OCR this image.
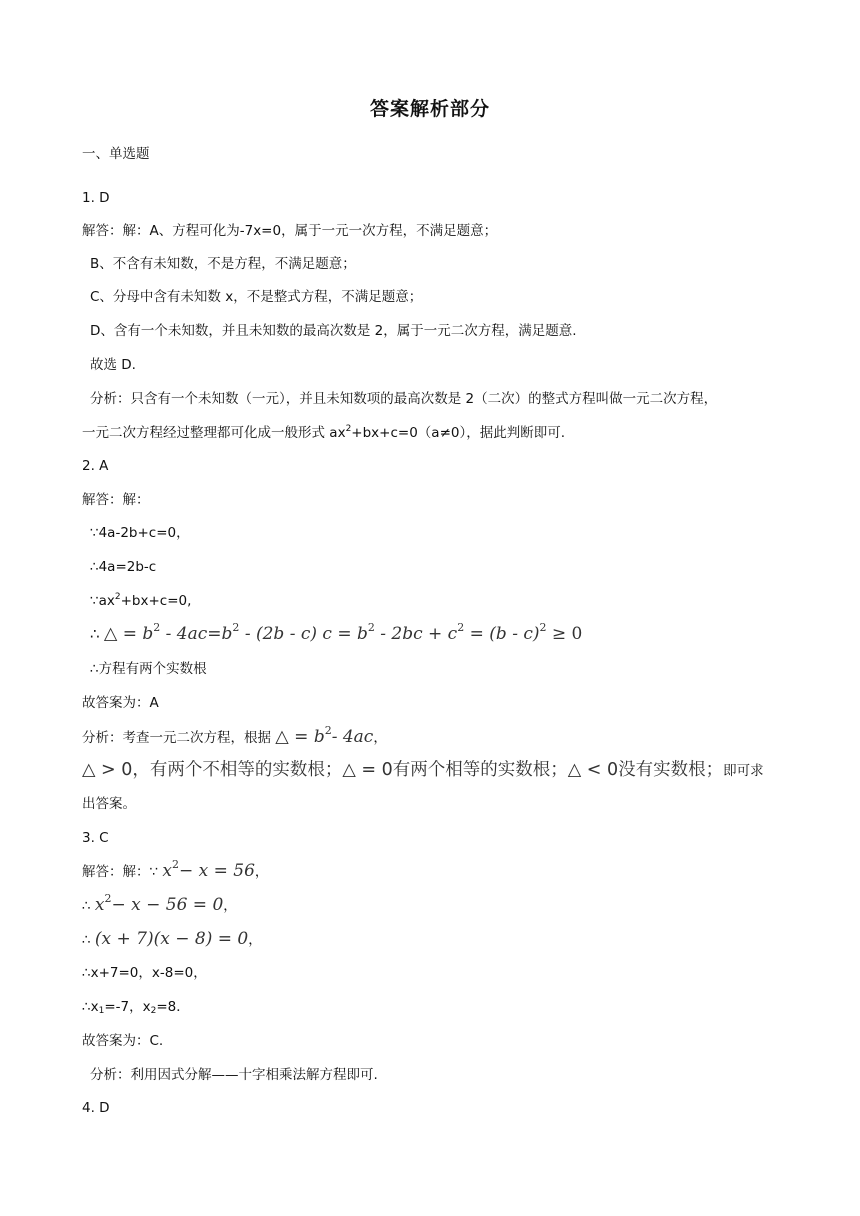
答案解析部分
一、单选题
1. D
解答：解：A、方程可化为-7x=0，属于一元一次方程，不满足题意；
B、不含有未知数，不是方程，不满足题意；
C、分母中含有未知数 x，不是整式方程，不满足题意；
D、含有一个未知数，并且未知数的最高次数是 2，属于一元二次方程，满足题意.
故选 D.
分析：只含有一个未知数（一元），并且未知数项的最高次数是 2（二次）的整式方程叫做一元二次方程，
一元二次方程经过整理都可化成一般形式 $ax^2+bx+c=0(a\ne 0)$，据此判断即可.
2. A
解答：解：
∵4a-2b+c=0，
∴4a=2b-c
$\because ax^2+bx+c=0$,
∴ △ = $b^2 - 4ac=b^2 - (2b - c) c = b^2 - 2bc + c^2 = (b - c)^2 \ge 0$
∴方程有两个实数根
故答案为：A
分析：考查一元二次方程，根据 △ = $b^2-$ 4ac，
△ > 0，有两个不相等的实数根；△ = 0有两个相等的实数根；△ < 0没有实数根；即可求
出答案。
3. C
解答：解：∵ $x^2- x = 56$，
∴ $x^2- x - 56 = 0$，
∴ (x + 7)(x − 8) = 0，
∴x+7=0，x-8=0，
$\therefore x_1=-7$，$x_2=8$．
故答案为：C.
分析：利用因式分解——十字相乘法解方程即可.
4. D
